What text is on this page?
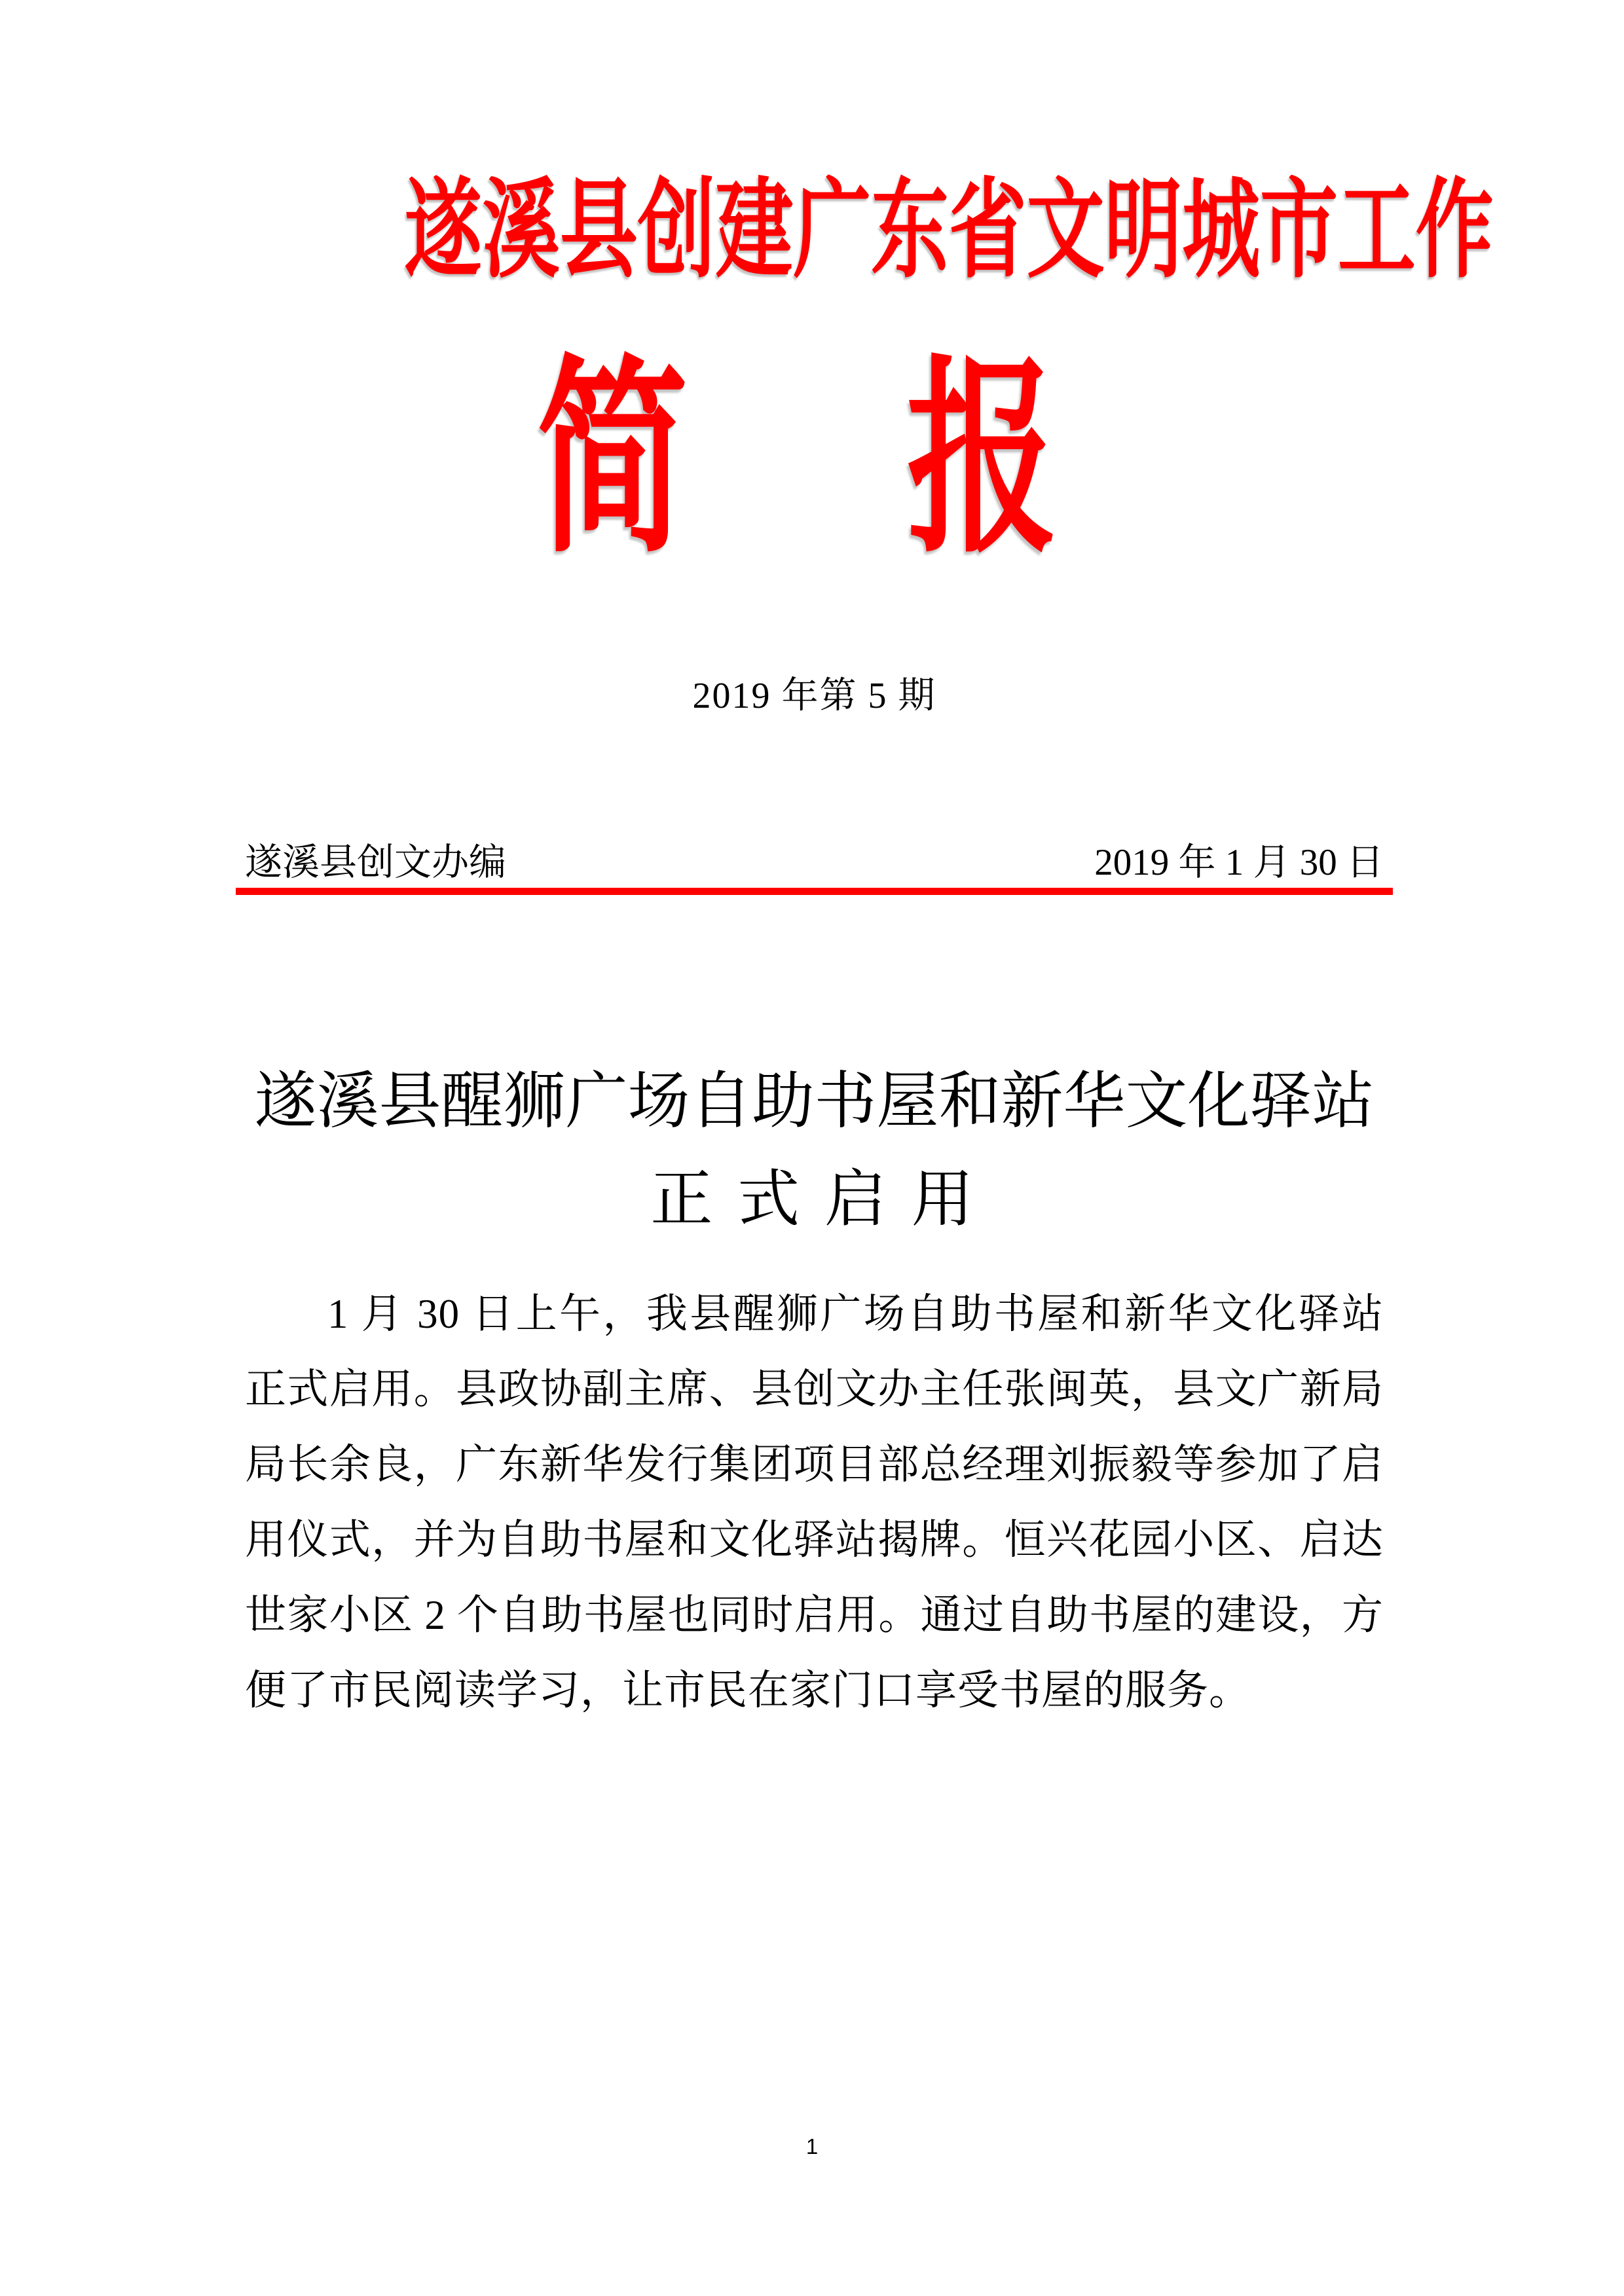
遂溪县创建广东省文明城市工作
简　报
2019 年第 5 期
遂溪县创文办编	2019 年 1 月 30 日
遂溪县醒狮广场自助书屋和新华文化驿站
正 式 启 用

1 月 30 日上午，我县醒狮广场自助书屋和新华文化驿站正式启用。县政协副主席、县创文办主任张闽英，县文广新局局长余良，广东新华发行集团项目部总经理刘振毅等参加了启用仪式，并为自助书屋和文化驿站揭牌。恒兴花园小区、启达世家小区 2 个自助书屋也同时启用。通过自助书屋的建设，方便了市民阅读学习，让市民在家门口享受书屋的服务。

1
